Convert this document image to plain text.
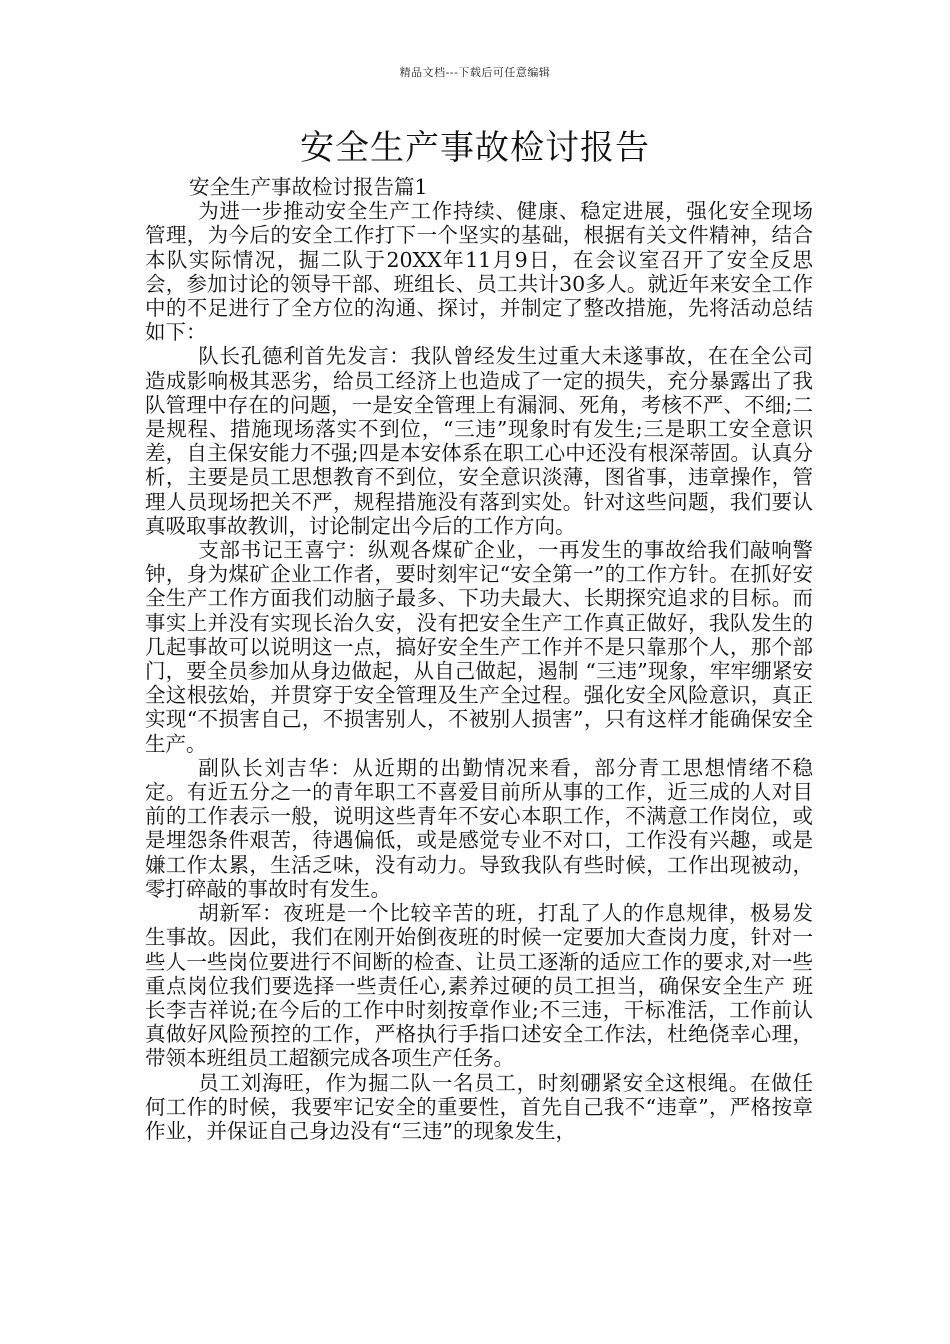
精品文档---下载后可任意编辑
安全生产事故检讨报告

安全生产事故检讨报告篇1

为进一步推动安全生产工作持续、健康、稳定进展，强化安全现场管理，为今后的安全工作打下一个坚实的基础，根据有关文件精神，结合本队实际情况，掘二队于20XX年11月9日，在会议室召开了安全反思会，参加讨论的领导干部、班组长、员工共计30多人。就近年来安全工作中的不足进行了全方位的沟通、探讨，并制定了整改措施，先将活动总结如下：

队长孔德利首先发言：我队曾经发生过重大未遂事故，在在全公司造成影响极其恶劣，给员工经济上也造成了一定的损失，充分暴露出了我队管理中存在的问题，一是安全管理上有漏洞、死角，考核不严、不细;二是规程、措施现场落实不到位，“三违”现象时有发生;三是职工安全意识差，自主保安能力不强;四是本安体系在职工心中还没有根深蒂固。认真分析，主要是员工思想教育不到位，安全意识淡薄，图省事，违章操作，管理人员现场把关不严，规程措施没有落到实处。针对这些问题，我们要认真吸取事故教训，讨论制定出今后的工作方向。

支部书记王喜宁：纵观各煤矿企业，一再发生的事故给我们敲响警钟，身为煤矿企业工作者，要时刻牢记“安全第一”的工作方针。在抓好安全生产工作方面我们动脑子最多、下功夫最大、长期探究追求的目标。而事实上并没有实现长治久安，没有把安全生产工作真正做好，我队发生的几起事故可以说明这一点，搞好安全生产工作并不是只靠那个人，那个部门，要全员参加从身边做起，从自己做起，遏制 “三违”现象，牢牢绷紧安全这根弦始，并贯穿于安全管理及生产全过程。强化安全风险意识，真正实现“不损害自己，不损害别人，不被别人损害”，只有这样才能确保安全生产。

副队长刘吉华：从近期的出勤情况来看，部分青工思想情绪不稳定。有近五分之一的青年职工不喜爱目前所从事的工作，近三成的人对目前的工作表示一般，说明这些青年不安心本职工作，不满意工作岗位，或是埋怨条件艰苦，待遇偏低，或是感觉专业不对口，工作没有兴趣，或是嫌工作太累，生活乏味，没有动力。导致我队有些时候，工作出现被动，零打碎敲的事故时有发生。

胡新军：夜班是一个比较辛苦的班，打乱了人的作息规律，极易发生事故。因此，我们在刚开始倒夜班的时候一定要加大查岗力度，针对一些人一些岗位要进行不间断的检查、让员工逐渐的适应工作的要求,对一些重点岗位我们要选择一些责任心,素养过硬的员工担当，确保安全生产 班长李吉祥说;在今后的工作中时刻按章作业;不三违，干标准活，工作前认真做好风险预控的工作，严格执行手指口述安全工作法，杜绝侥幸心理，带领本班组员工超额完成各项生产任务。

员工刘海旺，作为掘二队一名员工，时刻硼紧安全这根绳。在做任何工作的时候，我要牢记安全的重要性，首先自己我不“违章”，严格按章作业，并保证自己身边没有“三违”的现象发生，
